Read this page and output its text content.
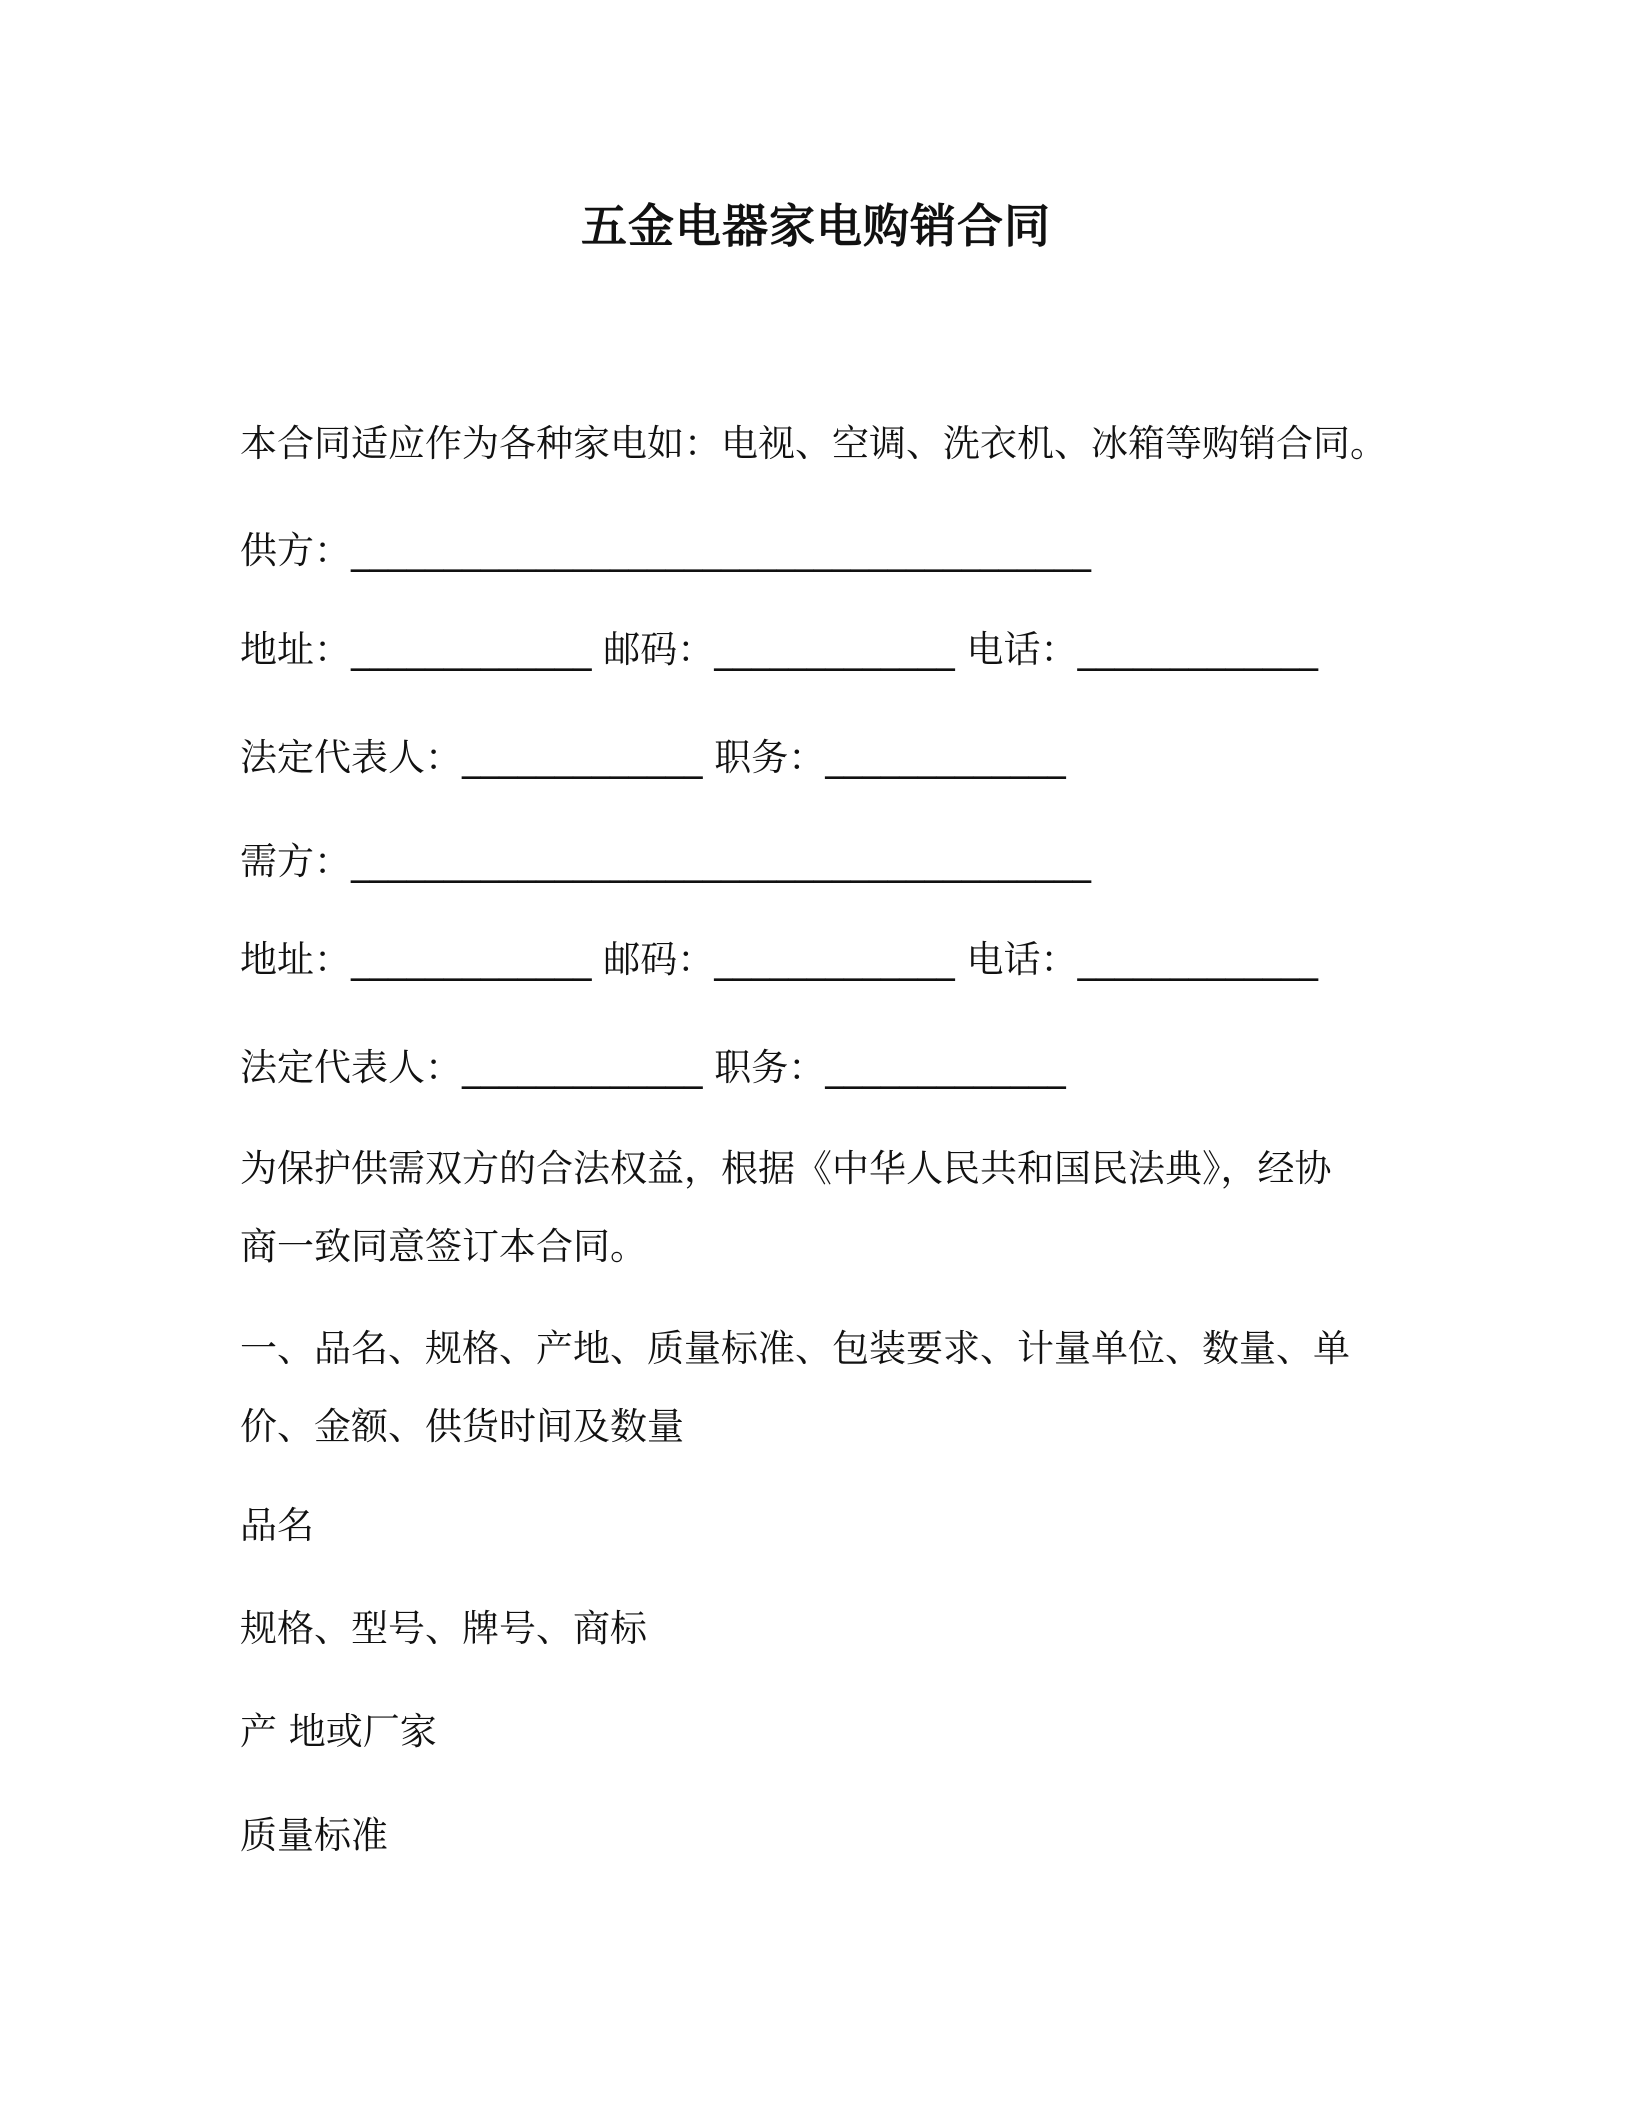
五金电器家电购销合同

本合同适应作为各种家电如：电视、空调、洗衣机、冰箱等购销合同。

供方：________________________________________

地址：_____________ 邮码：_____________ 电话：_____________

法定代表人：_____________ 职务：_____________

需方：________________________________________

地址：_____________ 邮码：_____________ 电话：_____________

法定代表人：_____________ 职务：_____________

为保护供需双方的合法权益，根据《中华人民共和国民法典》，经协
商一致同意签订本合同。
一、品名、规格、产地、质量标准、包装要求、计量单位、数量、单
价、金额、供货时间及数量

品名

规格、型号、牌号、商标

产 地或厂家

质量标准
